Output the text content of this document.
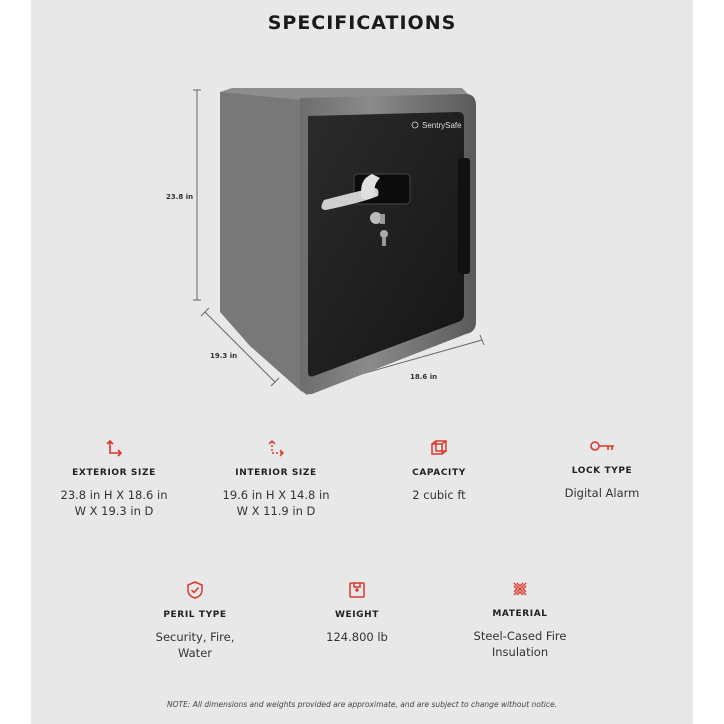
SPECIFICATIONS
23.8 in
19.3 in
18.6 in
SentrySafe
EXTERIOR SIZE
23.8 in H X 18.6 in W X 19.3 in D
INTERIOR SIZE
19.6 in H X 14.8 in W X 11.9 in D
CAPACITY
2 cubic ft
LOCK TYPE
Digital Alarm
PERIL TYPE
Security, Fire, Water
WEIGHT
124.800 lb
MATERIAL
Steel-Cased Fire Insulation
NOTE: All dimensions and weights provided are approximate, and are subject to change without notice.
